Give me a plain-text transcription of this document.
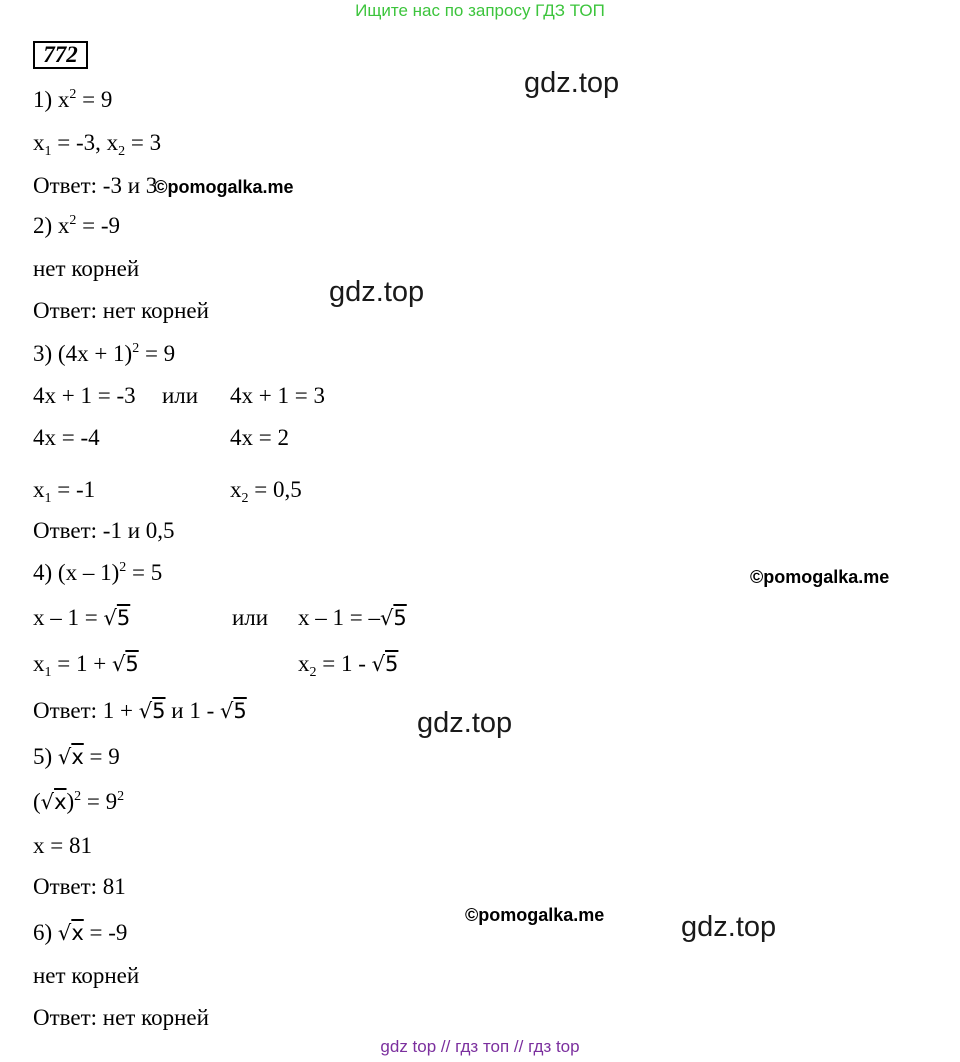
Ищите нас по запросу ГДЗ ТОП
772
gdz.top
gdz.top
gdz.top
gdz.top
©pomogalka.me
©pomogalka.me
1) $x^2 = 9$
$x_1 = -3$, $x_2 = 3$
Ответ: -3 и 3©pomogalka.me
2) $x^2 = -9$
нет корней
Ответ: нет корней
3) $(4x + 1)^2 = 9$
4x + 1 = -3 или 4x + 1 = 3
4x = -4	4x = 2
$x_1 = -1$	$x_2 = 0,5$
Ответ: -1 и 0,5
4) (x – 1)$^2$ = 5
x – 1 = √5	или x – 1 = –√5
$x_1 = 1 + √5$	$x_2 = 1 - √5$
Ответ: 1 + √5 и 1 - √5
5) √x = 9
$(√x)^2 = 9^2$
x = 81
Ответ: 81
6) √x = -9
нет корней
Ответ: нет корней
gdz top // гдз топ // гдз top
